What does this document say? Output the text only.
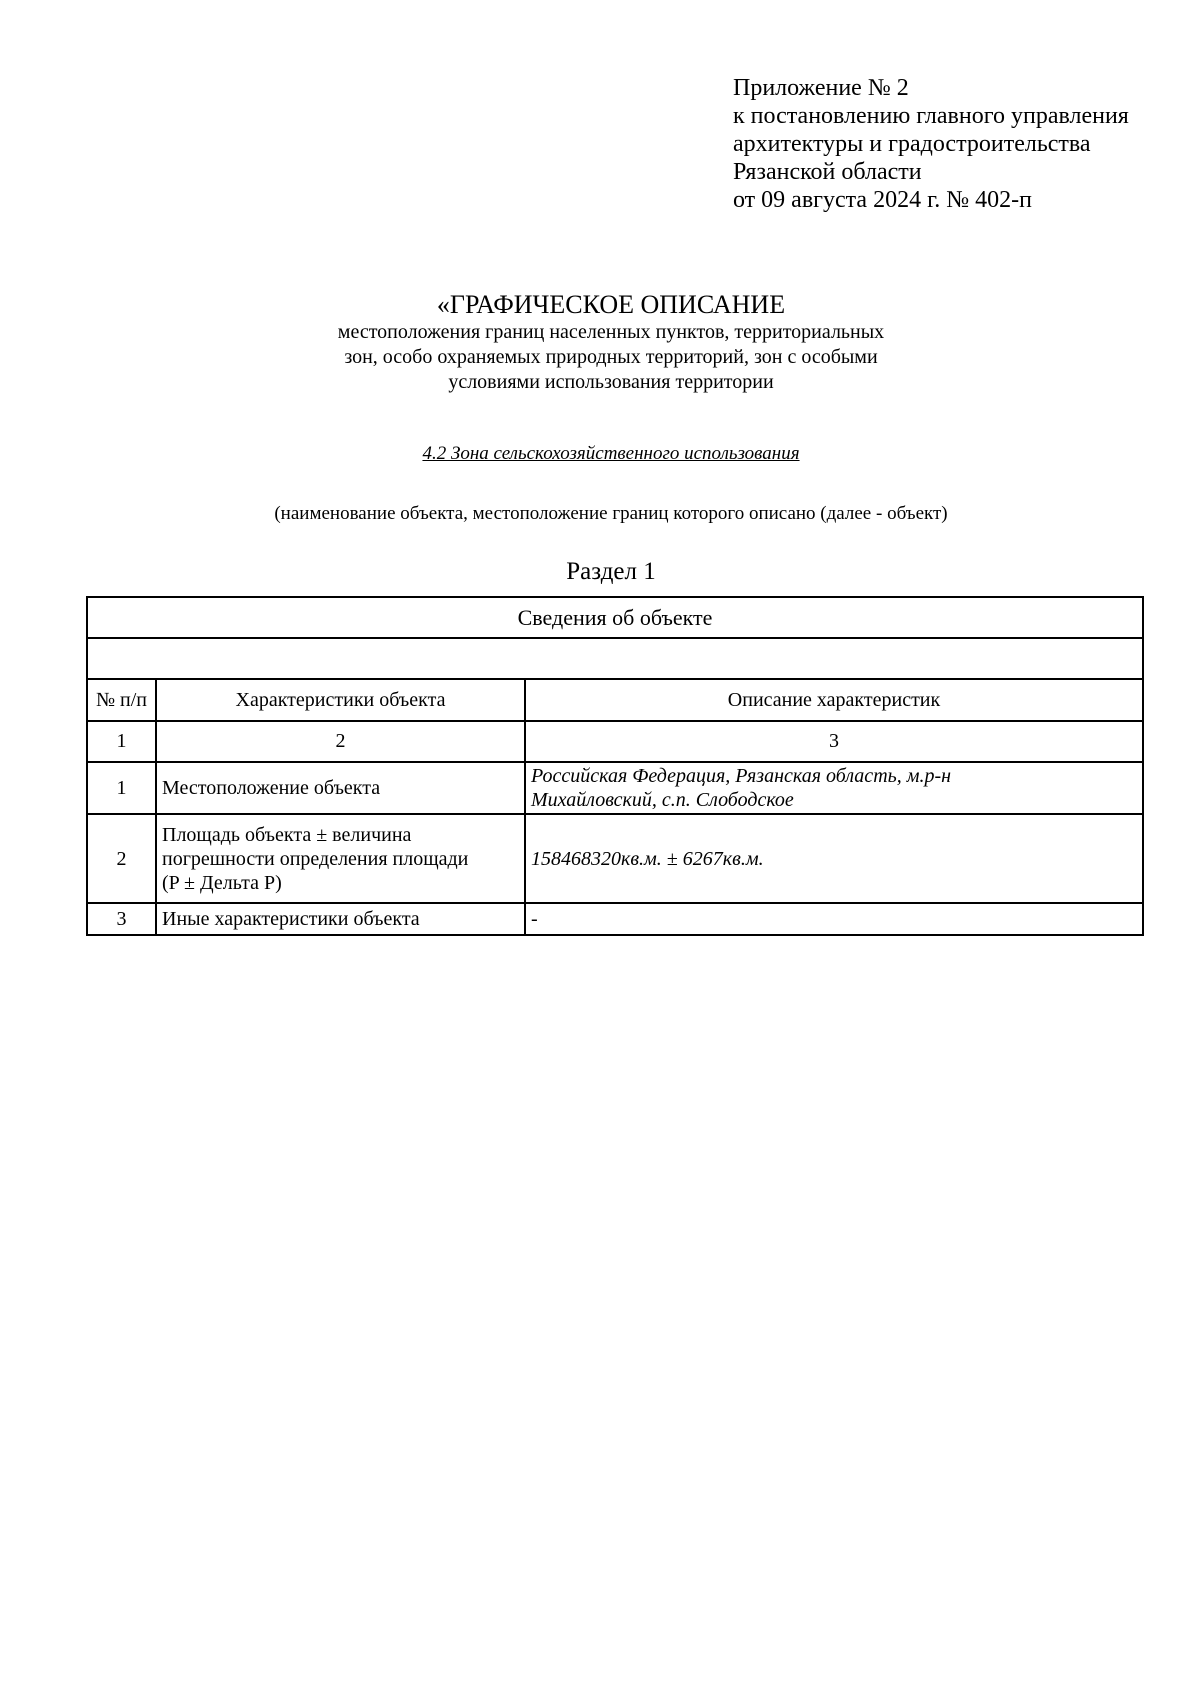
Приложение № 2
к постановлению главного управления
архитектуры и градостроительства
Рязанской области
от 09 августа 2024 г. № 402-п
«ГРАФИЧЕСКОЕ ОПИСАНИЕ
местоположения границ населенных пунктов, территориальных
зон, особо охраняемых природных территорий, зон с особыми
условиями использования территории
4.2 Зона сельскохозяйственного использования
(наименование объекта, местоположение границ которого описано (далее - объект)
Раздел 1
Сведения об объекте		

№ п/п	Характеристики объекта	Описание характеристик
1	2	3
1	Местоположение объекта	Российская Федерация, Рязанская область, м.р-н
Михайловский, с.п. Слободское

2	Площадь объекта ± величина
погрешности определения площади
(P ± Дельта P)	158468320кв.м. ± 6267кв.м.

3	Иные характеристики объекта	-
